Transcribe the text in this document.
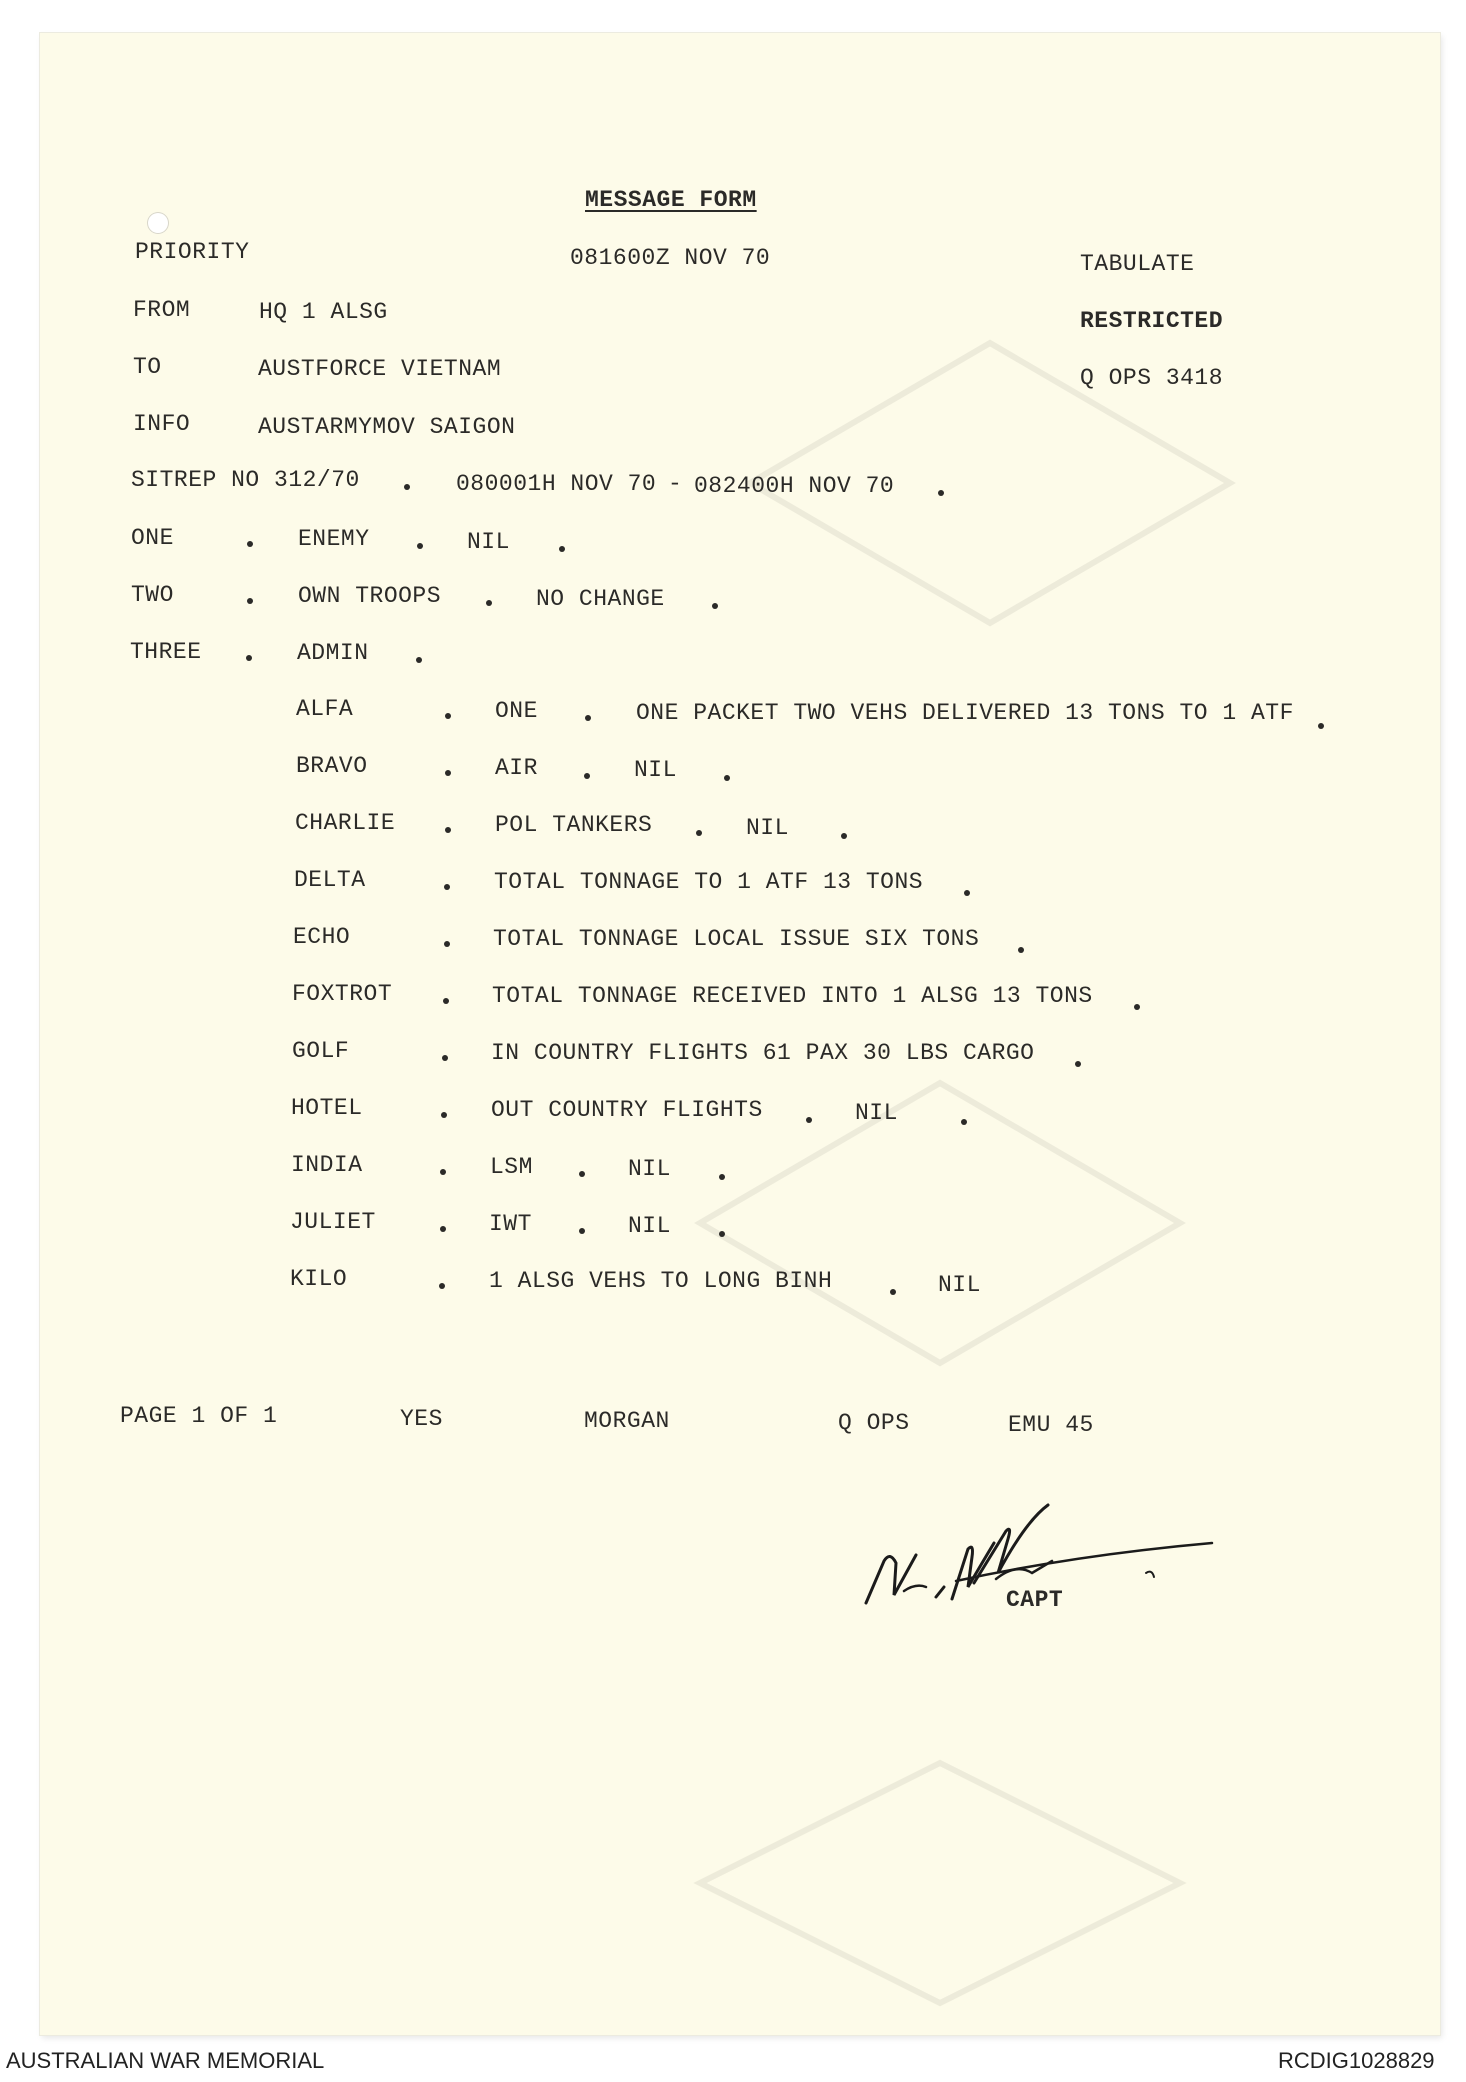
MESSAGE FORM
PRIORITY	081600Z NOV 70	TABULATE
RESTRICTED
Q OPS 3418
FROM	HQ 1 ALSG
TO	AUSTFORCE VIETNAM
INFO	AUSTARMYMOV SAIGON
SITREP NO 312/70	080001H NOV 70 - 082400H NOV 70
ONE	ENEMY	NIL
TWO	OWN TROOPS	NO CHANGE
THREE	ADMIN
ALFA	ONE	ONE PACKET TWO VEHS DELIVERED 13 TONS TO 1 ATF
BRAVO	AIR	NIL
CHARLIE	POL TANKERS	NIL
DELTA	TOTAL TONNAGE TO 1 ATF 13 TONS
ECHO	TOTAL TONNAGE LOCAL ISSUE SIX TONS
FOXTROT	TOTAL TONNAGE RECEIVED INTO 1 ALSG 13 TONS
GOLF	IN COUNTRY FLIGHTS 61 PAX 30 LBS CARGO
HOTEL	OUT COUNTRY FLIGHTS	NIL
INDIA	LSM	NIL
JULIET	IWT	NIL
KILO	1 ALSG VEHS TO LONG BINH	NIL
PAGE 1 OF 1	YES	MORGAN	Q OPS	EMU 45
CAPT
AUSTRALIAN WAR MEMORIAL	RCDIG1028829
